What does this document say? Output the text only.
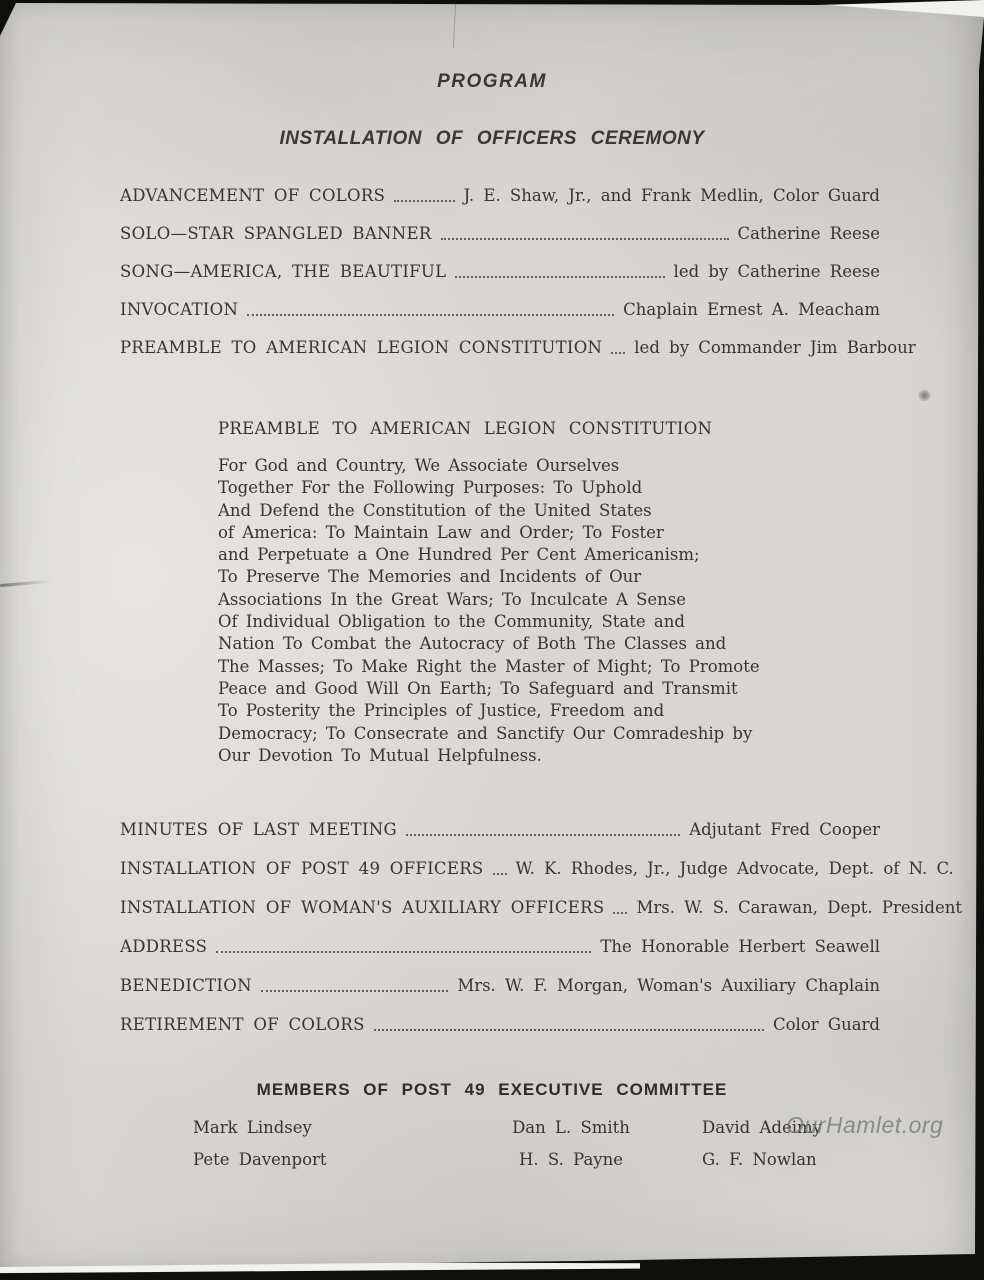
PROGRAM
INSTALLATION OF OFFICERS CEREMONY
ADVANCEMENT OF COLORS	J. E. Shaw, Jr., and Frank Medlin, Color Guard
SOLO—STAR SPANGLED BANNER	Catherine Reese
SONG—AMERICA, THE BEAUTIFUL	led by Catherine Reese
INVOCATION	Chaplain Ernest A. Meacham
PREAMBLE TO AMERICAN LEGION CONSTITUTION led by Commander Jim Barbour
PREAMBLE TO AMERICAN LEGION CONSTITUTION
For God and Country, We Associate Ourselves
Together For the Following Purposes: To Uphold
And Defend the Constitution of the United States
of America: To Maintain Law and Order; To Foster
and Perpetuate a One Hundred Per Cent Americanism;
To Preserve The Memories and Incidents of Our
Associations In the Great Wars; To Inculcate A Sense
Of Individual Obligation to the Community, State and
Nation To Combat the Autocracy of Both The Classes and
The Masses; To Make Right the Master of Might; To Promote
Peace and Good Will On Earth; To Safeguard and Transmit
To Posterity the Principles of Justice, Freedom and
Democracy; To Consecrate and Sanctify Our Comradeship by
Our Devotion To Mutual Helpfulness.
MINUTES OF LAST MEETING	Adjutant Fred Cooper
INSTALLATION OF POST 49 OFFICERS W. K. Rhodes, Jr., Judge Advocate, Dept. of N. C.
INSTALLATION OF WOMAN'S AUXILIARY OFFICERS Mrs. W. S. Carawan, Dept. President
ADDRESS	The Honorable Herbert Seawell
BENEDICTION	Mrs. W. F. Morgan, Woman's Auxiliary Chaplain
RETIREMENT OF COLORS	Color Guard
MEMBERS OF POST 49 EXECUTIVE COMMITTEE
Mark Lindsey	Dan L. Smith	David Adeimy
Pete Davenport	H. S. Payne	G. F. Nowlan
OurHamlet.org
